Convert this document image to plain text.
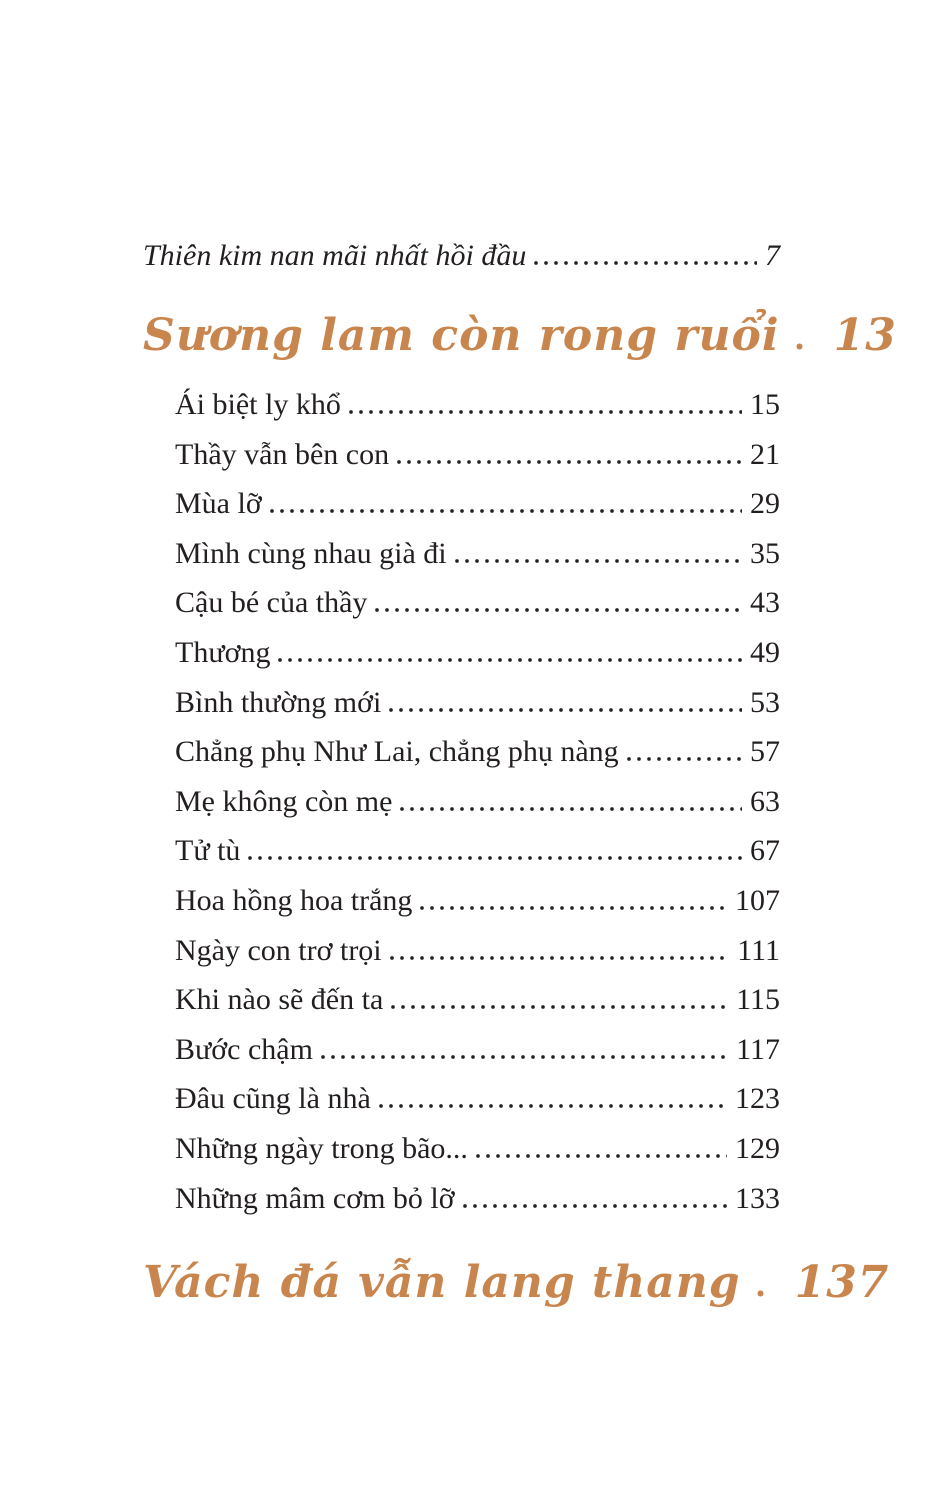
Thiên kim nan mãi nhất hồi đầu	7
Sương lam còn rong ruổi 13
Ái biệt ly khổ	15
Thầy vẫn bên con	21
Mùa lỡ	29
Mình cùng nhau già đi	35
Cậu bé của thầy	43
Thương	49
Bình thường mới	53
Chẳng phụ Như Lai, chẳng phụ nàng	57
Mẹ không còn mẹ	63
Tử tù	67
Hoa hồng hoa trắng	107
Ngày con trơ trọi	111
Khi nào sẽ đến ta	115
Bước chậm	117
Đâu cũng là nhà	123
Những ngày trong bão...	129
Những mâm cơm bỏ lỡ	133
Vách đá vẫn lang thang 137
